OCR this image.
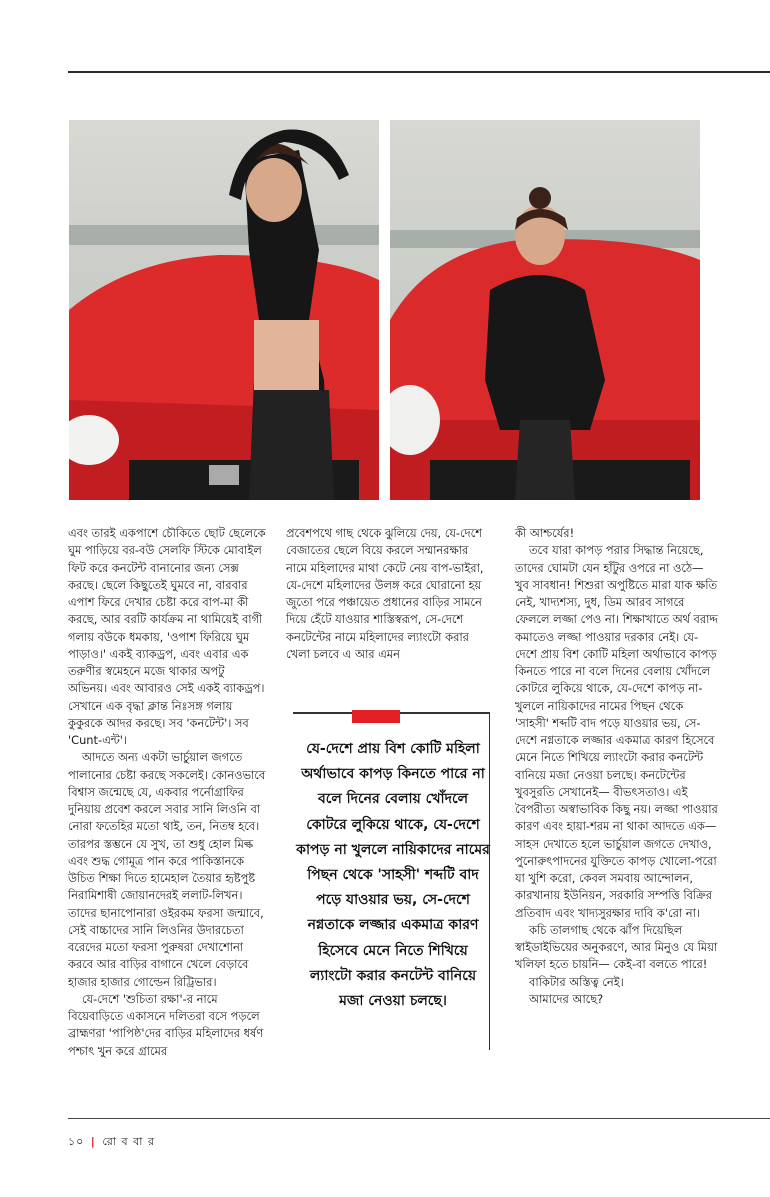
এবং তারই একপাশে চৌকিতে ছোট ছেলেকে ঘুম পাড়িয়ে বর-বউ সেলফি স্টিকে মোবাইল ফিট করে কনটেন্ট বানানোর জন্য সেক্স করছে। ছেলে কিছুতেই ঘুমবে না, বারবার এপাশ ফিরে দেখার চেষ্টা করে বাপ-মা কী করছে, আর বরটি কার্যক্রম না থামিয়েই বাগী গলায় বউকে ধমকায়, 'ওপাশ ফিরিয়ে ঘুম পাড়াও।' একই ব্যাকড্রপ, এবং এবার এক তরুণীর স্বমেহনে মজে থাকার অপটু অভিনয়। এবং আবারও সেই একই ব্যাকড্রপ। সেখানে এক বৃদ্ধা ক্লান্ত নিঃসঙ্গ গলায় কুকুরকে আদর করছে। সব 'কনটেন্ট'। সব 'Cunt-এন্ট'।

আদতে অন্য একটা ভার্চুয়াল জগতে পালানোর চেষ্টা করছে সকলেই। কোনওভাবে বিশ্বাস জন্মেছে যে, একবার পর্নোগ্রাফির দুনিয়ায় প্রবেশ করলে সবার সানি লিওনি বা নোরা ফতেহির মতো থাই, তন, নিতম্ব হবে। তারপর স্তম্ভনে যে সুখ, তা শুধু হোল মিল্ক এবং শুদ্ধ গোমূত্র পান করে পাকিস্তানকে উচিত শিক্ষা দিতে হামেহাল তৈয়ার হৃষ্টপুষ্ট নিরামিশাষী জোয়ানদেরই ললাট-লিখন। তাদের ছানাপোনারা ওইরকম ফরসা জন্মাবে, সেই বাচ্চাদের সানি লিওনির উদারচেতা বরেদের মতো ফরসা পুরুষরা দেখাশোনা করবে আর বাড়ির বাগানে খেলে বেড়াবে হাজার হাজার গোল্ডেন রিট্রিভার।

যে-দেশে 'শুচিতা রক্ষা'-র নামে বিয়েবাড়িতে একাসনে দলিতরা বসে পড়লে ব্রাহ্মণরা 'পাপিষ্ঠ'দের বাড়ির মহিলাদের ধর্ষণ পশ্চাৎ খুন করে গ্রামের

প্রবেশপথে গাছ থেকে ঝুলিয়ে দেয়, যে-দেশে বেজাতের ছেলে বিয়ে করলে সম্মানরক্ষার নামে মহিলাদের মাথা কেটে নেয় বাপ-ভাইরা, যে-দেশে মহিলাদের উলঙ্গ করে ঘোরানো হয় জুতো পরে পঞ্চায়েত প্রধানের বাড়ির সামনে দিয়ে হেঁটে যাওয়ার শাস্তিস্বরূপ, সে-দেশে কনটেন্টের নামে মহিলাদের ল্যাংটো করার খেলা চলবে এ আর এমন

যে-দেশে প্রায় বিশ কোটি মহিলা অর্থাভাবে কাপড় কিনতে পারে না বলে দিনের বেলায় খোঁদলে কোটরে লুকিয়ে থাকে, যে-দেশে কাপড় না খুললে নায়িকাদের নামের পিছন থেকে 'সাহসী' শব্দটি বাদ পড়ে যাওয়ার ভয়, সে-দেশে নগ্নতাকে লজ্জার একমাত্র কারণ হিসেবে মেনে নিতে শিখিয়ে ল্যাংটো করার কনটেন্ট বানিয়ে মজা নেওয়া চলছে।

কী আশ্চর্যের!

তবে যারা কাপড় পরার সিদ্ধান্ত নিয়েছে, তাদের ঘোমটা যেন হাঁটুর ওপরে না ওঠে— খুব সাবধান! শিশুরা অপুষ্টিতে মারা যাক ক্ষতি নেই, খাদ্যশস্য, দুধ, ডিম আরব সাগরে ফেললে লজ্জা পেও না। শিক্ষাখাতে অর্থ বরাদ্দ কমাতেও লজ্জা পাওয়ার দরকার নেই। যে-দেশে প্রায় বিশ কোটি মহিলা অর্থাভাবে কাপড় কিনতে পারে না বলে দিনের বেলায় খোঁদলে কোটরে লুকিয়ে থাকে, যে-দেশে কাপড় না-খুললে নায়িকাদের নামের পিছন থেকে 'সাহসী' শব্দটি বাদ পড়ে যাওয়ার ভয়, সে-দেশে নগ্নতাকে লজ্জার একমাত্র কারণ হিসেবে মেনে নিতে শিখিয়ে ল্যাংটো করার কনটেন্ট বানিয়ে মজা নেওয়া চলছে। কনটেন্টের খুবসুরতি সেখানেই— বীভৎসতাও। এই বৈপরীত্য অস্বাভাবিক কিছু নয়। লজ্জা পাওয়ার কারণ এবং হায়া-শরম না থাকা আদতে এক— সাহস দেখাতে হলে ভার্চুয়াল জগতে দেখাও, পুনোরুৎপাদনের যুক্তিতে কাপড় খোলো-পরো যা খুশি করো, কেবল সমবায় আন্দোলন, কারখানায় ইউনিয়ন, সরকারি সম্পত্তি বিক্রির প্রতিবাদ এবং খাদ্যসুরক্ষার দাবি ক'রো না।

কচি তালগাছ থেকে ঝাঁপ দিয়েছিল স্বাইডাইভিয়ের অনুকরণে, আর মিনুও যে মিয়া খলিফা হতে চায়নি— কেই-বা বলতে পারে!

বাকিটার অস্তিত্ব নেই।

আমাদের আছে?

১০ | রো ব বা র
